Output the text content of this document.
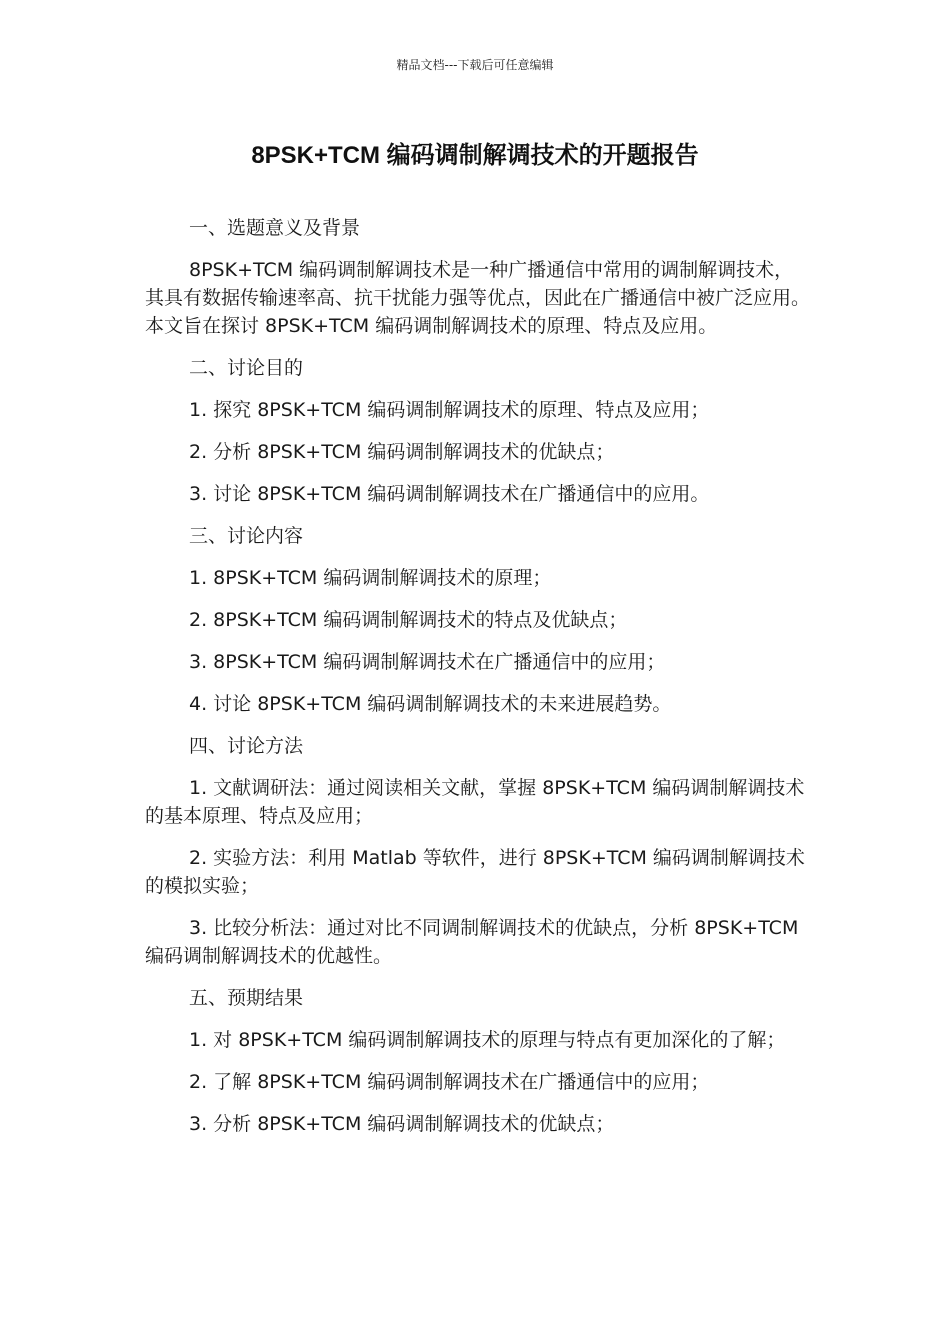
精品文档---下载后可任意编辑
8PSK+TCM 编码调制解调技术的开题报告

一、选题意义及背景

8PSK+TCM 编码调制解调技术是一种广播通信中常用的调制解调技术，其具有数据传输速率高、抗干扰能力强等优点，因此在广播通信中被广泛应用。本文旨在探讨 8PSK+TCM 编码调制解调技术的原理、特点及应用。

二、讨论目的

1. 探究 8PSK+TCM 编码调制解调技术的原理、特点及应用；

2. 分析 8PSK+TCM 编码调制解调技术的优缺点；

3. 讨论 8PSK+TCM 编码调制解调技术在广播通信中的应用。

三、讨论内容

1. 8PSK+TCM 编码调制解调技术的原理；

2. 8PSK+TCM 编码调制解调技术的特点及优缺点；

3. 8PSK+TCM 编码调制解调技术在广播通信中的应用；

4. 讨论 8PSK+TCM 编码调制解调技术的未来进展趋势。

四、讨论方法

1. 文献调研法：通过阅读相关文献，掌握 8PSK+TCM 编码调制解调技术的基本原理、特点及应用；

2. 实验方法：利用 Matlab 等软件，进行 8PSK+TCM 编码调制解调技术的模拟实验；

3. 比较分析法：通过对比不同调制解调技术的优缺点，分析 8PSK+TCM 编码调制解调技术的优越性。

五、预期结果

1. 对 8PSK+TCM 编码调制解调技术的原理与特点有更加深化的了解；

2. 了解 8PSK+TCM 编码调制解调技术在广播通信中的应用；

3. 分析 8PSK+TCM 编码调制解调技术的优缺点；
